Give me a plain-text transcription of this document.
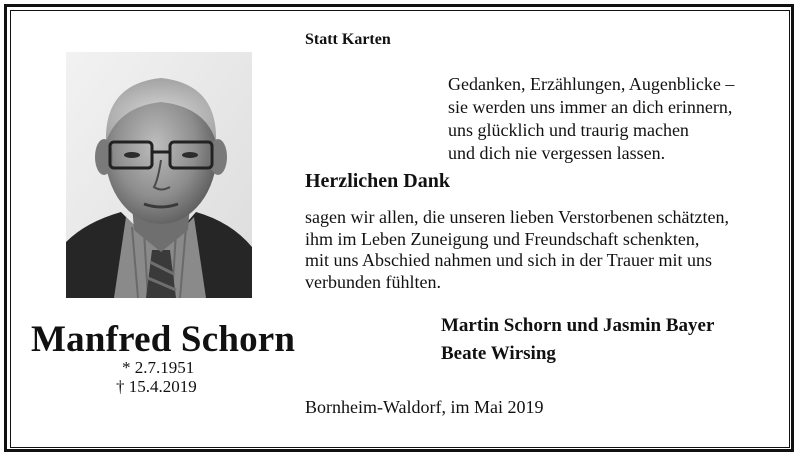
Statt Karten
Gedanken, Erzählungen, Augenblicke –
sie werden uns immer an dich erinnern,
uns glücklich und traurig machen
und dich nie vergessen lassen.
Herzlichen Dank
sagen wir allen, die unseren lieben Verstorbenen schätzten,
ihm im Leben Zuneigung und Freundschaft schenkten,
mit uns Abschied nahmen und sich in der Trauer mit uns
verbunden fühlten.
Martin Schorn und Jasmin Bayer
Beate Wirsing
Manfred Schorn
* 2.7.1951
† 15.4.2019
Bornheim-Waldorf, im Mai 2019
